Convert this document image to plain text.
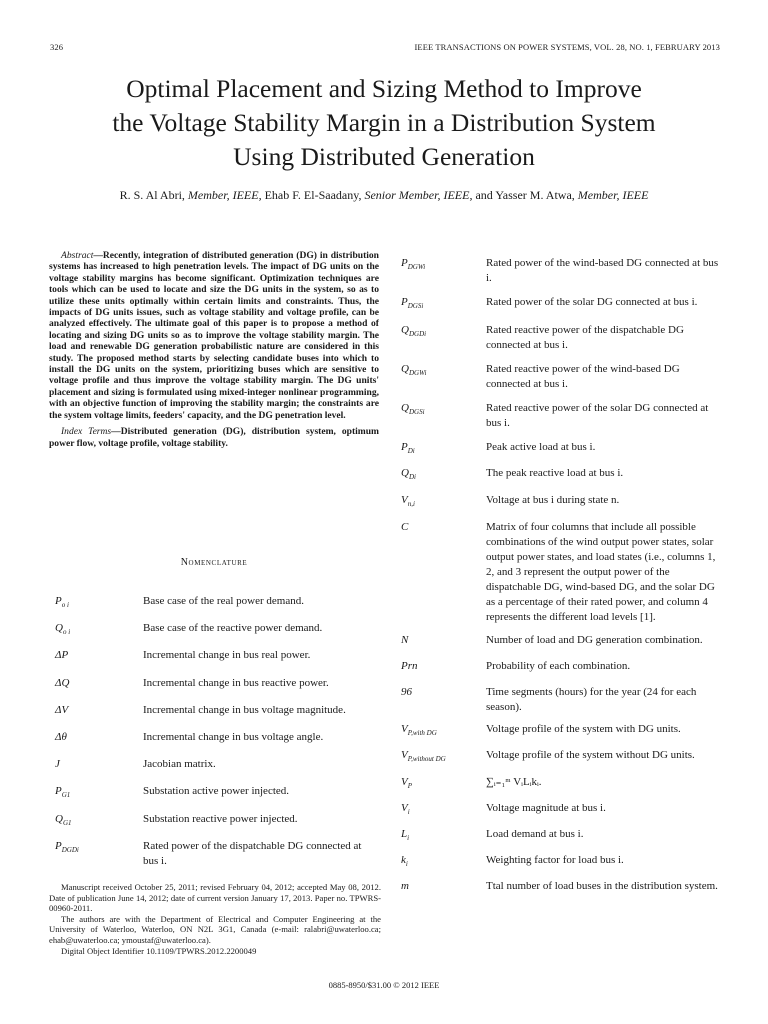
326	IEEE TRANSACTIONS ON POWER SYSTEMS, VOL. 28, NO. 1, FEBRUARY 2013
Optimal Placement and Sizing Method to Improve
the Voltage Stability Margin in a Distribution System
Using Distributed Generation
R. S. Al Abri, Member, IEEE, Ehab F. El-Saadany, Senior Member, IEEE, and Yasser M. Atwa, Member, IEEE
Abstract—Recently, integration of distributed generation (DG) in distribution systems has increased to high penetration levels. The impact of DG units on the voltage stability margins has become significant. Optimization techniques are tools which can be used to locate and size the DG units in the system, so as to utilize these units optimally within certain limits and constraints. Thus, the impacts of DG units issues, such as voltage stability and voltage profile, can be analyzed effectively. The ultimate goal of this paper is to propose a method of locating and sizing DG units so as to improve the voltage stability margin. The load and renewable DG generation probabilistic nature are considered in this study. The proposed method starts by selecting candidate buses into which to install the DG units on the system, prioritizing buses which are sensitive to voltage profile and thus improve the voltage stability margin. The DG units' placement and sizing is formulated using mixed-integer nonlinear programming, with an objective function of improving the stability margin; the constraints are the system voltage limits, feeders' capacity, and the DG penetration level.
Index Terms—Distributed generation (DG), distribution system, optimum power flow, voltage profile, voltage stability.
Nomenclature
$P_{o i}$	Base case of the real power demand.
$Q_{o i}$	Base case of the reactive power demand.
ΔP	Incremental change in bus real power.
ΔQ	Incremental change in bus reactive power.
ΔV	Incremental change in bus voltage magnitude.
Δθ	Incremental change in bus voltage angle.
J	Jacobian matrix.
$P_{G1}$	Substation active power injected.
$Q_{G1}$	Substation reactive power injected.
$P_{DGDi}$	Rated power of the dispatchable DG connected at bus i.

Manuscript received October 25, 2011; revised February 04, 2012; accepted May 08, 2012. Date of publication June 14, 2012; date of current version January 17, 2013. Paper no. TPWRS-00960-2011.

The authors are with the Department of Electrical and Computer Engineering at the University of Waterloo, Waterloo, ON N2L 3G1, Canada (e-mail: ralabri@uwaterloo.ca; ehab@uwaterloo.ca; ymoustaf@uwaterloo.ca).

Digital Object Identifier 10.1109/TPWRS.2012.2200049

$P_{DGWi}$	Rated power of the wind-based DG connected at bus i.
$P_{DGSi}$	Rated power of the solar DG connected at bus i.
$Q_{DGDi}$	Rated reactive power of the dispatchable DG connected at bus i.
$Q_{DGWi}$	Rated reactive power of the wind-based DG connected at bus i.
$Q_{DGSi}$	Rated reactive power of the solar DG connected at bus i.
$P_{Di}$	Peak active load at bus i.
$Q_{Di}$	The peak reactive load at bus i.
$V_{n,i}$	Voltage at bus i during state n.
C	Matrix of four columns that include all possible combinations of the wind output power states, solar output power states, and load states (i.e., columns 1, 2, and 3 represent the output power of the dispatchable DG, wind-based DG, and the solar DG as a percentage of their rated power, and column 4 represents the different load levels [1].
N	Number of load and DG generation combination.
Prn	Probability of each combination.
96	Time segments (hours) for the year (24 for each season).
$V_{P,with DG}$	Voltage profile of the system with DG units.
$V_{P,without DG}$	Voltage profile of the system without DG units.
$V_P$	∑ᵢ₌₁ᵐ VᵢLᵢkᵢ.
$V_i$	Voltage magnitude at bus i.
$L_i$	Load demand at bus i.
$k_i$	Weighting factor for load bus i.
m	Ttal number of load buses in the distribution system.
0885-8950/$31.00 © 2012 IEEE
